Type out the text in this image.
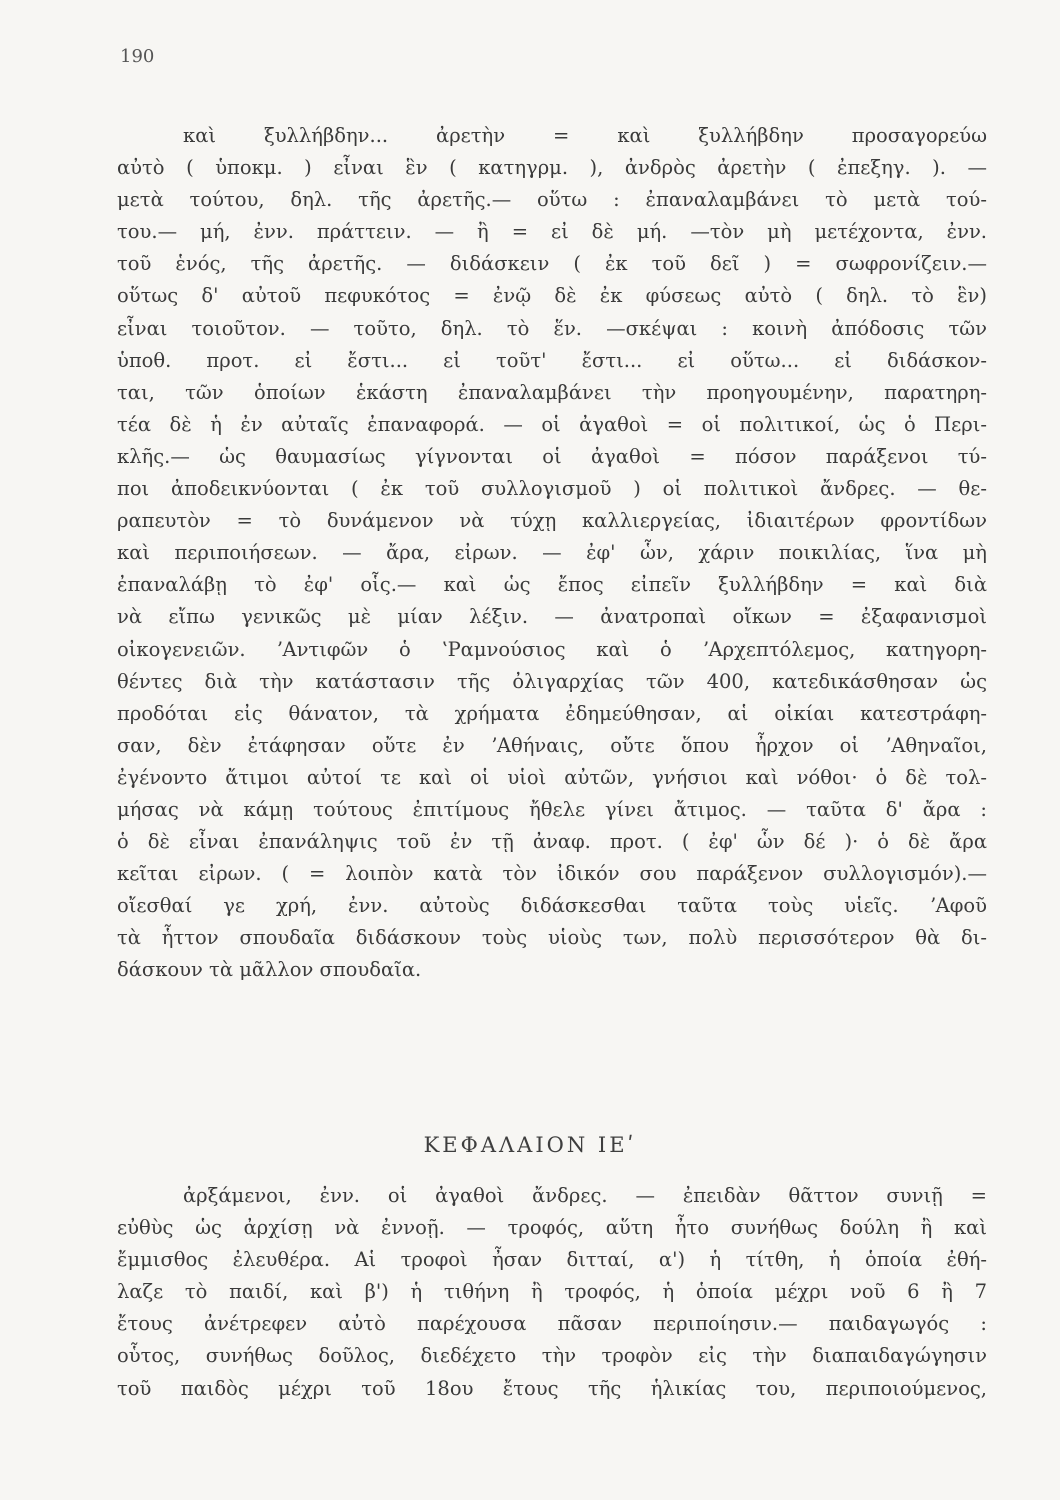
190
καὶ ξυλλήβδην... ἀρετὴν = καὶ ξυλλήβδην προσαγορεύω
αὐτὸ ( ὑποκμ. ) εἶναι ἓν ( κατηγρμ. ), ἀνδρὸς ἀρετὴν ( ἐπεξηγ. ). —
μετὰ τούτου, δηλ. τῆς ἀρετῆς.— οὕτω : ἐπαναλαμβάνει τὸ μετὰ τού-
του.— μή, ἐνν. πράττειν. — ἢ = εἰ δὲ μή. —τὸν μὴ μετέχοντα, ἐνν.
τοῦ ἑνός, τῆς ἀρετῆς. — διδάσκειν ( ἐκ τοῦ δεῖ ) = σωφρονίζειν.—
οὕτως δ' αὐτοῦ πεφυκότος = ἐνῷ δὲ ἐκ φύσεως αὐτὸ ( δηλ. τὸ ἓν)
εἶναι τοιοῦτον. — τοῦτο, δηλ. τὸ ἕν. —σκέψαι : κοινὴ ἀπόδοσις τῶν
ὑποθ. προτ. εἰ ἔστι... εἰ τοῦτ' ἔστι... εἰ οὕτω... εἰ διδάσκον-
ται, τῶν ὁποίων ἑκάστη ἐπαναλαμβάνει τὴν προηγουμένην, παρατηρη-
τέα δὲ ἡ ἐν αὐταῖς ἐπαναφορά. — οἱ ἀγαθοὶ = οἱ πολιτικοί, ὡς ὁ Περι-
κλῆς.— ὡς θαυμασίως γίγνονται οἱ ἀγαθοὶ = πόσον παράξενοι τύ-
ποι ἀποδεικνύονται ( ἐκ τοῦ συλλογισμοῦ ) οἱ πολιτικοὶ ἄνδρες. — θε-
ραπευτὸν = τὸ δυνάμενον νὰ τύχῃ καλλιεργείας, ἰδιαιτέρων φροντίδων
καὶ περιποιήσεων. — ἄρα, εἰρων. — ἐφ' ὧν, χάριν ποικιλίας, ἵνα μὴ
ἐπαναλάβῃ τὸ ἐφ' οἷς.— καὶ ὡς ἔπος εἰπεῖν ξυλλήβδην = καὶ διὰ
νὰ εἴπω γενικῶς μὲ μίαν λέξιν. — ἀνατροπαὶ οἴκων = ἐξαφανισμοὶ
οἰκογενειῶν. ʼΑντιφῶν ὁ ʽΡαμνούσιος καὶ ὁ ʼΑρχεπτόλεμος, κατηγορη-
θέντες διὰ τὴν κατάστασιν τῆς ὀλιγαρχίας τῶν 400, κατεδικάσθησαν ὡς
προδόται εἰς θάνατον, τὰ χρήματα ἐδημεύθησαν, αἱ οἰκίαι κατεστράφη-
σαν, δὲν ἐτάφησαν οὔτε ἐν ʼΑθήναις, οὔτε ὅπου ἦρχον οἱ ʼΑθηναῖοι,
ἐγένοντο ἄτιμοι αὐτοί τε καὶ οἱ υἱοὶ αὐτῶν, γνήσιοι καὶ νόθοι· ὁ δὲ τολ-
μήσας νὰ κάμῃ τούτους ἐπιτίμους ἤθελε γίνει ἄτιμος. — ταῦτα δ' ἄρα :
ὁ δὲ εἶναι ἐπανάληψις τοῦ ἐν τῇ ἀναφ. προτ. ( ἐφ' ὧν δέ )· ὁ δὲ ἄρα
κεῖται εἰρων. ( = λοιπὸν κατὰ τὸν ἰδικόν σου παράξενον συλλογισμόν).—
οἴεσθαί γε χρή, ἐνν. αὐτοὺς διδάσκεσθαι ταῦτα τοὺς υἱεῖς. ʼΑφοῦ
τὰ ἧττον σπουδαῖα διδάσκουν τοὺς υἱοὺς των, πολὺ περισσότερον θὰ δι-
δάσκουν τὰ μᾶλλον σπουδαῖα.
ΚΕΦΑΛΑΙΟΝ ΙΕʹ
ἀρξάμενοι, ἐνν. οἱ ἀγαθοὶ ἄνδρες. — ἐπειδὰν θᾶττον συνιῇ =
εὐθὺς ὡς ἀρχίσῃ νὰ ἐννοῇ. — τροφός, αὕτη ἦτο συνήθως δούλη ἢ καὶ
ἔμμισθος ἐλευθέρα. Αἱ τροφοὶ ἦσαν διτταί, α') ἡ τίτθη, ἡ ὁποία ἐθή-
λαζε τὸ παιδί, καὶ β') ἡ τιθήνη ἢ τροφός, ἡ ὁποία μέχρι νοῦ 6 ἢ 7
ἔτους ἀνέτρεφεν αὐτὸ παρέχουσα πᾶσαν περιποίησιν.— παιδαγωγός :
οὗτος, συνήθως δοῦλος, διεδέχετο τὴν τροφὸν εἰς τὴν διαπαιδαγώγησιν
τοῦ παιδὸς μέχρι τοῦ 18ου ἔτους τῆς ἡλικίας του, περιποιούμενος,
